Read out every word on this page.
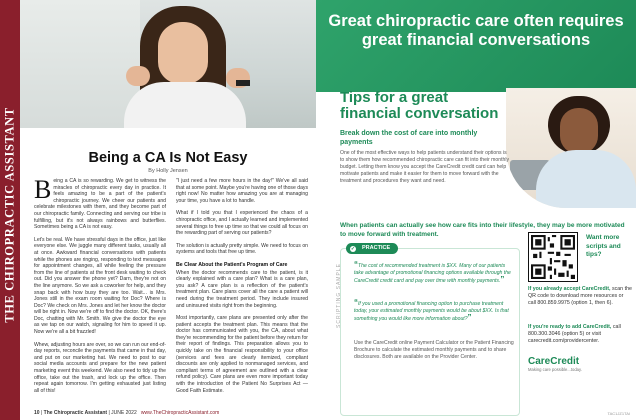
THE CHIROPRACTIC ASSISTANT	Being a CA Is Not Easy
By Holly Jensen

Being a CA is so rewarding. We get to witness the miracles of chiropractic every day in practice. It feels amazing to be a part of the patient's chiropractic journey. We cheer our patients and celebrate milestones with them, and they become part of our chiropractic family. Connecting and serving our tribe is fulfilling, but it's not always rainbows and butterflies. Sometimes being a CA is not easy.

Let's be real. We have stressful days in the office, just like everyone else. We juggle many different tasks, usually all at once. Awkward financial conversations with patients while the phones are ringing, responding to text messages for appointment changes, all while feeling the pressure from the line of patients at the front desk waiting to check out. Did you answer the phone yet? Darn, they're not on the line anymore. So we ask a coworker for help, and they snap back with how busy they are too. Wait... is Mrs. Jones still in the exam room waiting for Doc? Where is Doc? We check on Mrs. Jones and let her know the doctor will be right in. Now we're off to find the doctor. OK, there's Doc, chatting with Mr. Smith. We give the doctor the eye as we tap on our watch, signaling for him to speed it up. Now we're all a bit frazzled!

Whew, adjusting hours are over, so we can run our end-of-day reports, reconcile the payments that came in that day, and put on our marketing hat. We need to post to our social media accounts and prepare for the new patient marketing event this weekend. We also need to tidy up the office, take out the trash, and lock up the office. Then repeat again tomorrow. I'm getting exhausted just listing all of this!

"I just need a few more hours in the day!" We've all said that at some point. Maybe you're having one of those days right now! No matter how amazing you are at managing your time, you have a lot to handle.

What if I told you that I experienced the chaos of a chiropractic office, and I actually learned and implemented several things to free up time so that we could all focus on the rewarding part of serving our patients?

The solution is actually pretty simple. We need to focus on systems and tools that free up time.

Be Clear About the Patient's Program of Care

When the doctor recommends care to the patient, is it clearly explained with a care plan? What is a care plan, you ask? A care plan is a reflection of the patient's treatment plan. Care plans cover all the care a patient will need during the treatment period. They include insured and uninsured visits right from the beginning.

Most importantly, care plans are presented only after the patient accepts the treatment plan. This means that the doctor has communicated with you, the CA, about what they're recommending for the patient before they return for their report of findings. This preparation allows you to quickly take on the financial responsibility to your office (services and fees are clearly itemized, compliant discounts are only applied to nonmanaged services, and compliant terms of agreement are outlined with a clear refund policy). Care plans are even more important today with the introduction of the Patient No Surprises Act — Good Faith Estimate.

10 | The Chiropractic Assistant | JUNE 2022 www.TheChiropracticAssistant.com
Great chiropractic care often requires great financial conversations
Tips for a great financial conversation
Break down the cost of care into monthly payments
One of the most effective ways to help patients understand their options is to show them how recommended chiropractic care can fit into their monthly budget. Letting them know you accept the CareCredit credit card can help motivate patients and make it easier for them to move forward with the treatment and procedures they want and need.
When patients can actually see how care fits into their lifestyle, they may be more motivated to move forward with treatment.
✓ PRACTICE
SCRIPTING SAMPLE “The cost of recommended treatment is $XX. Many of our patients take advantage of promotional financing options available through the CareCredit credit card and pay over time with monthly payments.”
“If you used a promotional financing option to purchase treatment today, your estimated monthly payments would be about $XX. Is that something you would like more information about?”
Use the CareCredit online Payment Calculator or the Patient Financing Brochure to calculate the estimated monthly payments and to share disclosures. Both are available on the Provider Center.
Want more scripts and tips?
If you already accept CareCredit, scan the QR code to download more resources or call 800.859.9975 (option 1, then 6).
If you're ready to add CareCredit, call 800.300.3046 (option 5) or visit carecredit.com/providercenter.
CareCredit
Making care possible...today.
TAC1JZ1TAI
